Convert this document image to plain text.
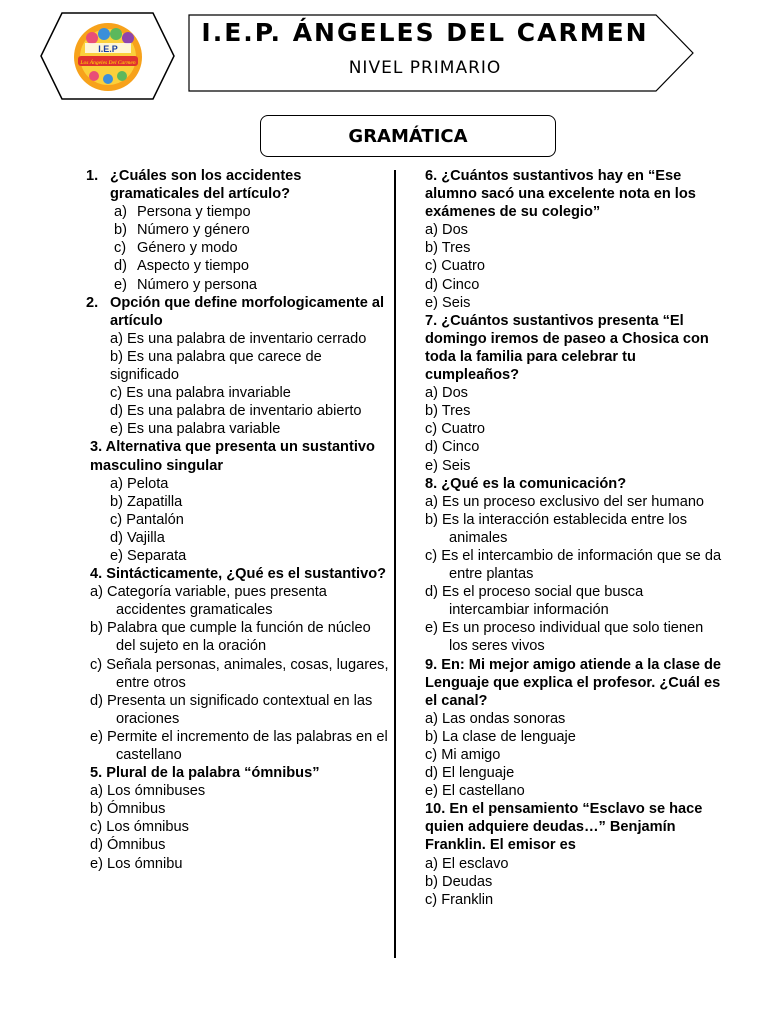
I.E.P
Los Ángeles Del Carmen
I.E.P. ÁNGELES DEL CARMEN
NIVEL PRIMARIO
GRAMÁTICA
1. ¿Cuáles son los accidentes gramaticales del artículo?
a) Persona y tiempo
b) Número y género
c) Género y modo
d) Aspecto y tiempo
e) Número y persona
2. Opción que define morfologicamente al artículo
a) Es una palabra de inventario cerrado
b) Es una palabra que carece de significado
c) Es una palabra invariable
d) Es una palabra de inventario abierto
e) Es una palabra variable
3. Alternativa que presenta un sustantivo masculino singular
a) Pelota
b) Zapatilla
c) Pantalón
d) Vajilla
e) Separata
4. Sintácticamente, ¿Qué es el sustantivo?
a) Categoría variable, pues presenta accidentes gramaticales
b) Palabra que cumple la función de núcleo del sujeto en la oración
c) Señala personas, animales, cosas, lugares, entre otros
d) Presenta un significado contextual en las oraciones
e) Permite el incremento de las palabras en el castellano
5. Plural de la palabra “ómnibus”
a) Los ómnibuses
b) Ómnibus
c) Los ómnibus
d) Ómnibus
e) Los ómnibu
6. ¿Cuántos sustantivos hay en “Ese alumno sacó una excelente nota en los exámenes de su colegio”
a) Dos
b) Tres
c) Cuatro
d) Cinco
e) Seis
7. ¿Cuántos sustantivos presenta “El domingo iremos de paseo a Chosica con toda la familia para celebrar tu cumpleaños?
a) Dos
b) Tres
c) Cuatro
d) Cinco
e) Seis
8. ¿Qué es la comunicación?
a) Es un proceso exclusivo del ser humano
b) Es la interacción establecida entre los animales
c) Es el intercambio de información que se da entre plantas
d) Es el proceso social que busca intercambiar información
e) Es un proceso individual que solo tienen los seres vivos
9. En: Mi mejor amigo atiende a la clase de Lenguaje que explica el profesor. ¿Cuál es el canal?
a) Las ondas sonoras
b) La clase de lenguaje
c) Mi amigo
d) El lenguaje
e) El castellano
10. En el pensamiento “Esclavo se hace quien adquiere deudas…” Benjamín Franklin. El emisor es
a) El esclavo
b) Deudas
c) Franklin
